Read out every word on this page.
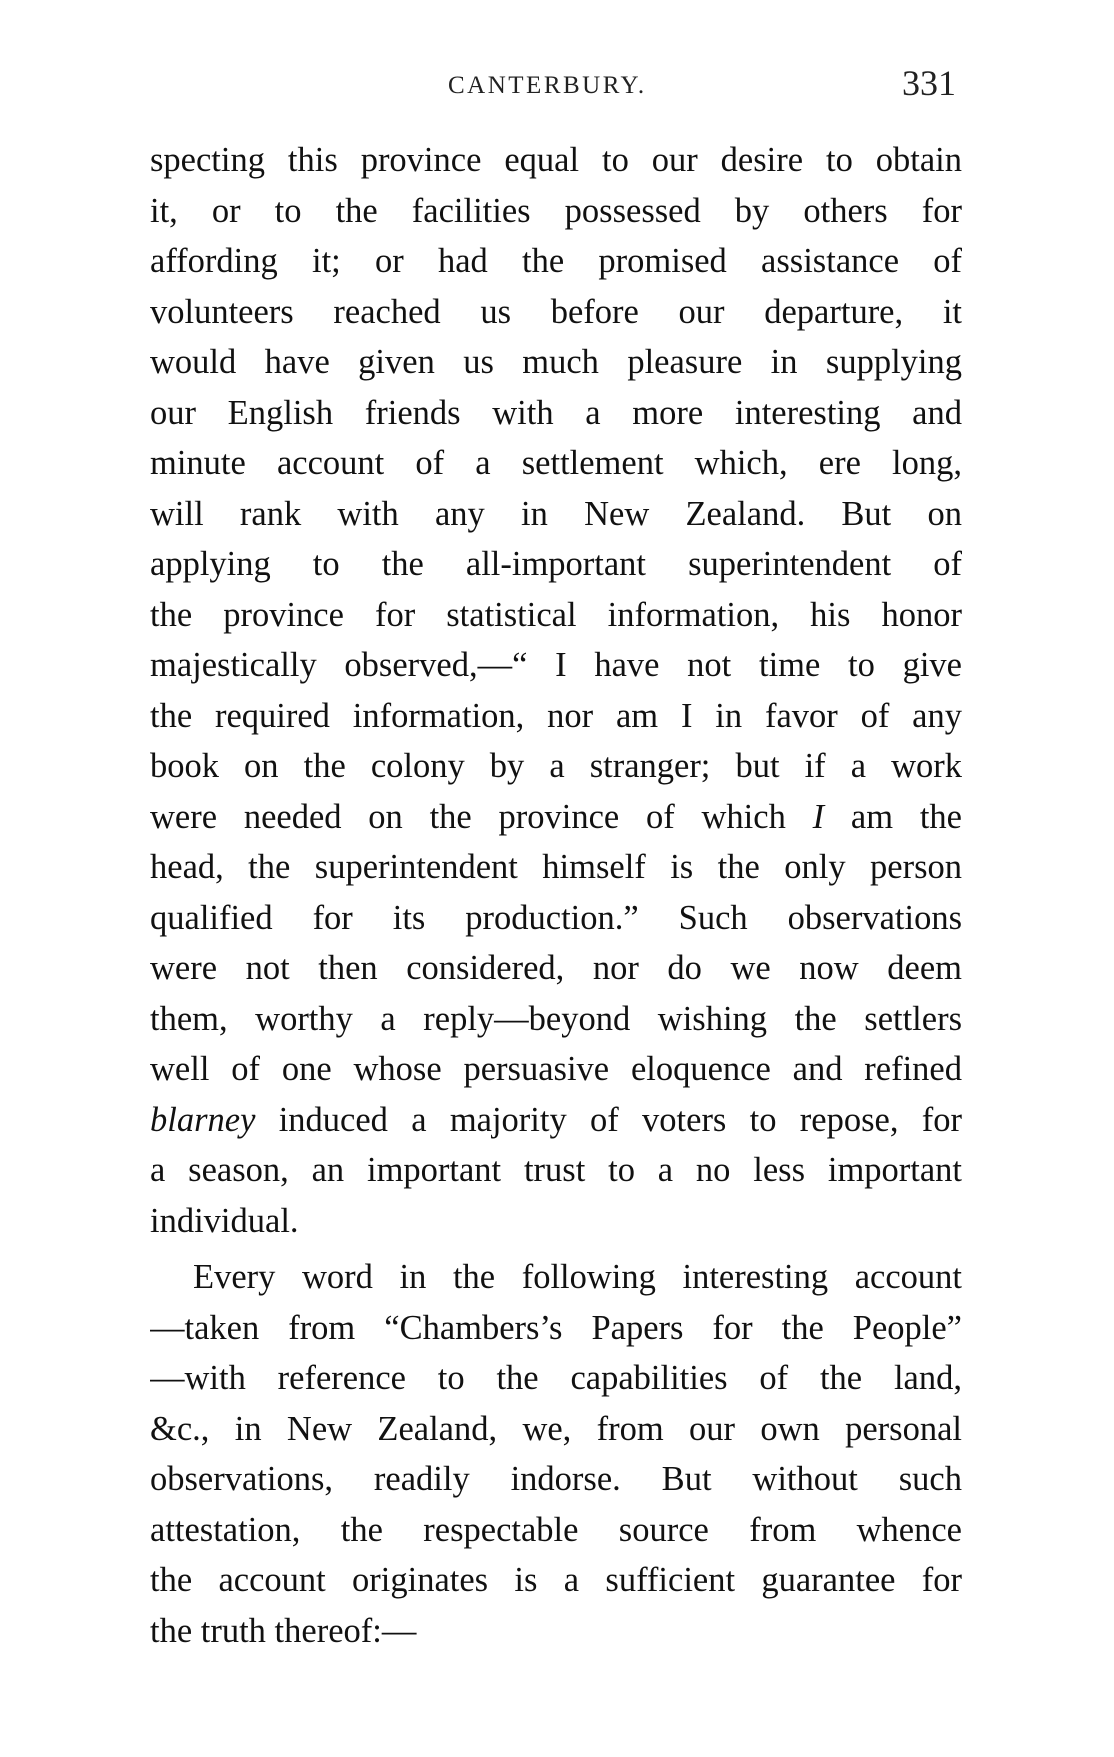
CANTERBURY.	331
specting this province equal to our desire to obtain
it, or to the facilities possessed by others for
affording it; or had the promised assistance of
volunteers reached us before our departure, it
would have given us much pleasure in supplying
our English friends with a more interesting and
minute account of a settlement which, ere long,
will rank with any in New Zealand. But on
applying to the all-important superintendent of
the province for statistical information, his honor
majestically observed,—“ I have not time to give
the required information, nor am I in favor of any
book on the colony by a stranger; but if a work
were needed on the province of which I am the
head, the superintendent himself is the only person
qualified for its production.” Such observations
were not then considered, nor do we now deem
them, worthy a reply—beyond wishing the settlers
well of one whose persuasive eloquence and refined
blarney induced a majority of voters to repose, for
a season, an important trust to a no less important
individual.
Every word in the following interesting account
—taken from “Chambers’s Papers for the People”
—with reference to the capabilities of the land,
&c., in New Zealand, we, from our own personal
observations, readily indorse. But without such
attestation, the respectable source from whence
the account originates is a sufficient guarantee for
the truth thereof:—
